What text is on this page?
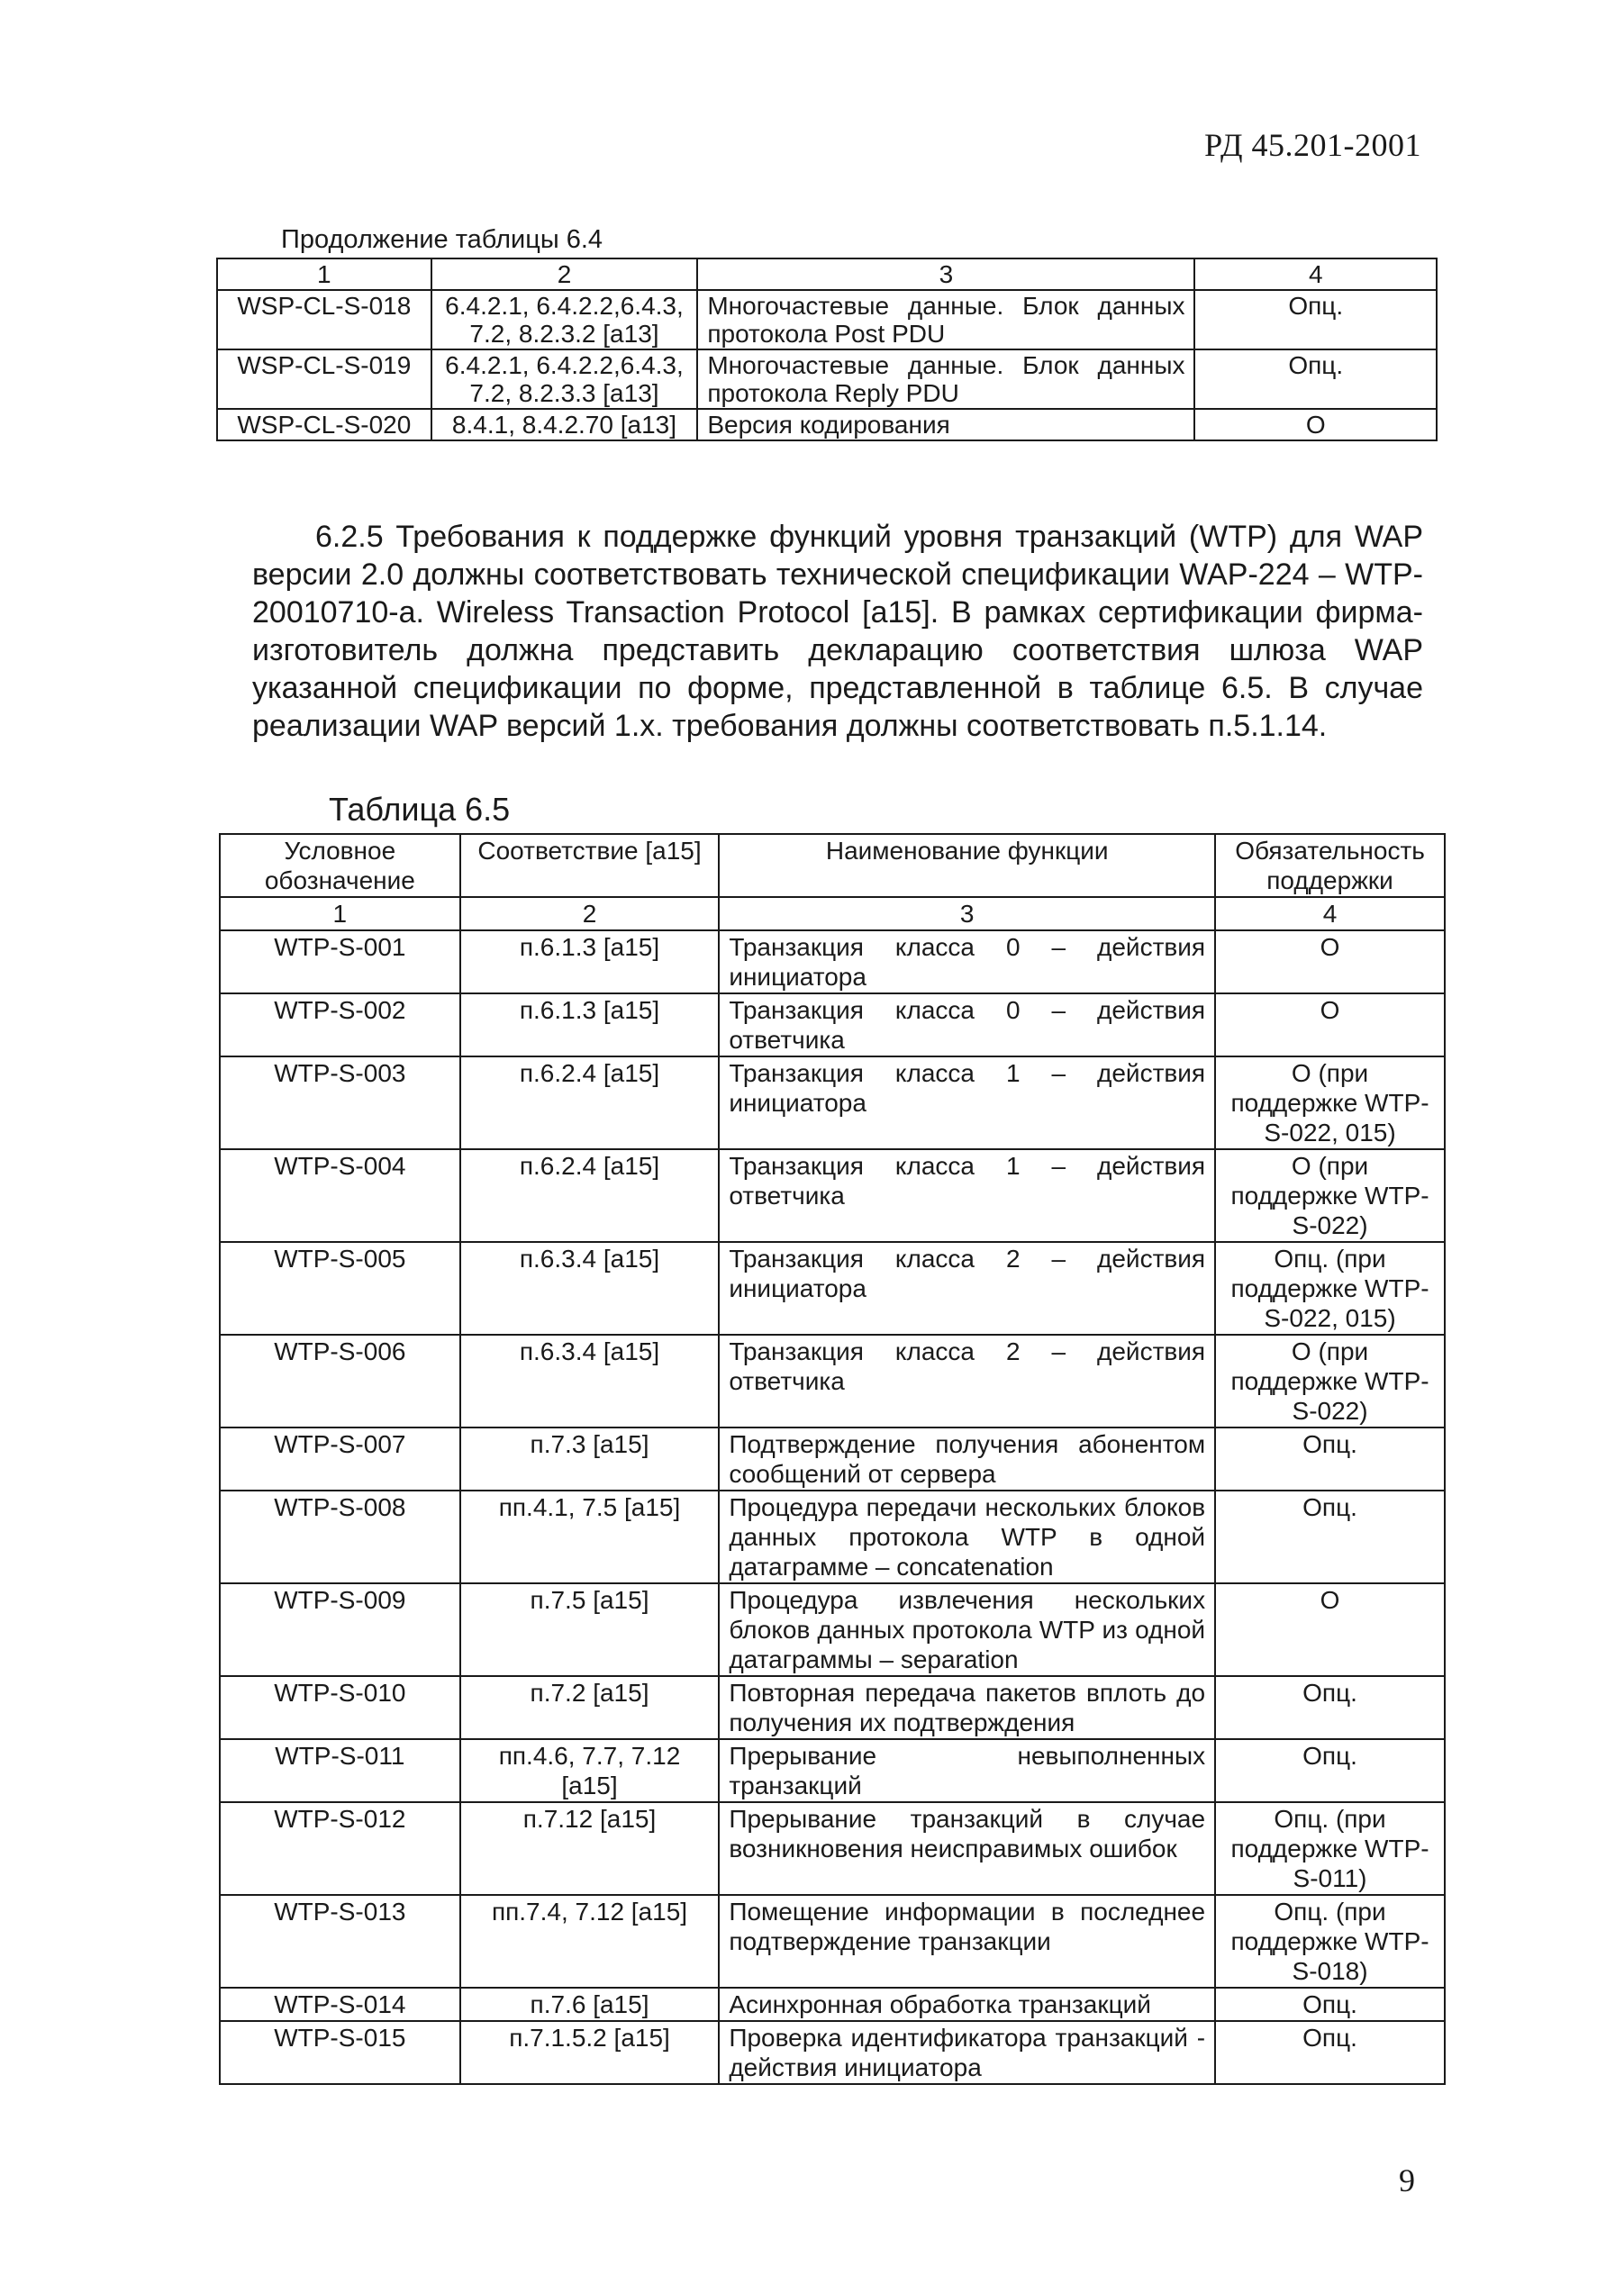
РД 45.201-2001
Продолжение таблицы 6.4
1	2	3	4
WSP-CL-S-018	6.4.2.1, 6.4.2.2,6.4.3, 7.2, 8.2.3.2 [a13]	Многочастевые данные. Блок данных протокола Post PDU	Опц.
WSP-CL-S-019	6.4.2.1, 6.4.2.2,6.4.3, 7.2, 8.2.3.3 [a13]	Многочастевые данные. Блок данных протокола Reply PDU	Опц.
WSP-CL-S-020	8.4.1, 8.4.2.70 [a13]	Версия кодирования	O
6.2.5 Требования к поддержке функций уровня транзакций (WTP) для WAP версии 2.0 должны соответствовать технической спецификации WAP-224 – WTP-20010710-a. Wireless Transaction Protocol [a15]. В рамках сертификации фирма-изготовитель должна представить декларацию соответствия шлюза WAP указанной спецификации по форме, представленной в таблице 6.5. В случае реализации WAP версий 1.x. требования должны соответствовать п.5.1.14.
Таблица 6.5
Условное обозначение	Соответствие [a15]	Наименование функции	Обязательность поддержки
1	2	3	4
WTP-S-001	п.6.1.3 [a15]	Транзакция класса 0 – действия инициатора	O
WTP-S-002	п.6.1.3 [a15]	Транзакция класса 0 – действия ответчика	O
WTP-S-003	п.6.2.4 [a15]	Транзакция класса 1 – действия инициатора	O (при поддержке WTP-S-022, 015)
WTP-S-004	п.6.2.4 [a15]	Транзакция класса 1 – действия ответчика	O (при поддержке WTP-S-022)
WTP-S-005	п.6.3.4 [a15]	Транзакция класса 2 – действия инициатора	Опц. (при поддержке WTP-S-022, 015)
WTP-S-006	п.6.3.4 [a15]	Транзакция класса 2 – действия ответчика	O (при поддержке WTP-S-022)
WTP-S-007	п.7.3 [a15]	Подтверждение получения абонентом сообщений от сервера	Опц.
WTP-S-008	пп.4.1, 7.5 [a15]	Процедура передачи нескольких блоков данных протокола WTP в одной датаграмме – concatenation	Опц.
WTP-S-009	п.7.5 [a15]	Процедура извлечения нескольких блоков данных протокола WTP из одной датаграммы – separation	O
WTP-S-010	п.7.2 [a15]	Повторная передача пакетов вплоть до получения их подтверждения	Опц.
WTP-S-011	пп.4.6, 7.7, 7.12 [a15]	Прерывание невыполненных транзакций	Опц.
WTP-S-012	п.7.12 [a15]	Прерывание транзакций в случае возникновения неисправимых ошибок	Опц. (при поддержке WTP-S-011)
WTP-S-013	пп.7.4, 7.12 [a15]	Помещение информации в последнее подтверждение транзакции	Опц. (при поддержке WTP-S-018)
WTP-S-014	п.7.6 [a15]	Асинхронная обработка транзакций	Опц.
WTP-S-015	п.7.1.5.2 [a15]	Проверка идентификатора транзакций - действия инициатора	Опц.
9
